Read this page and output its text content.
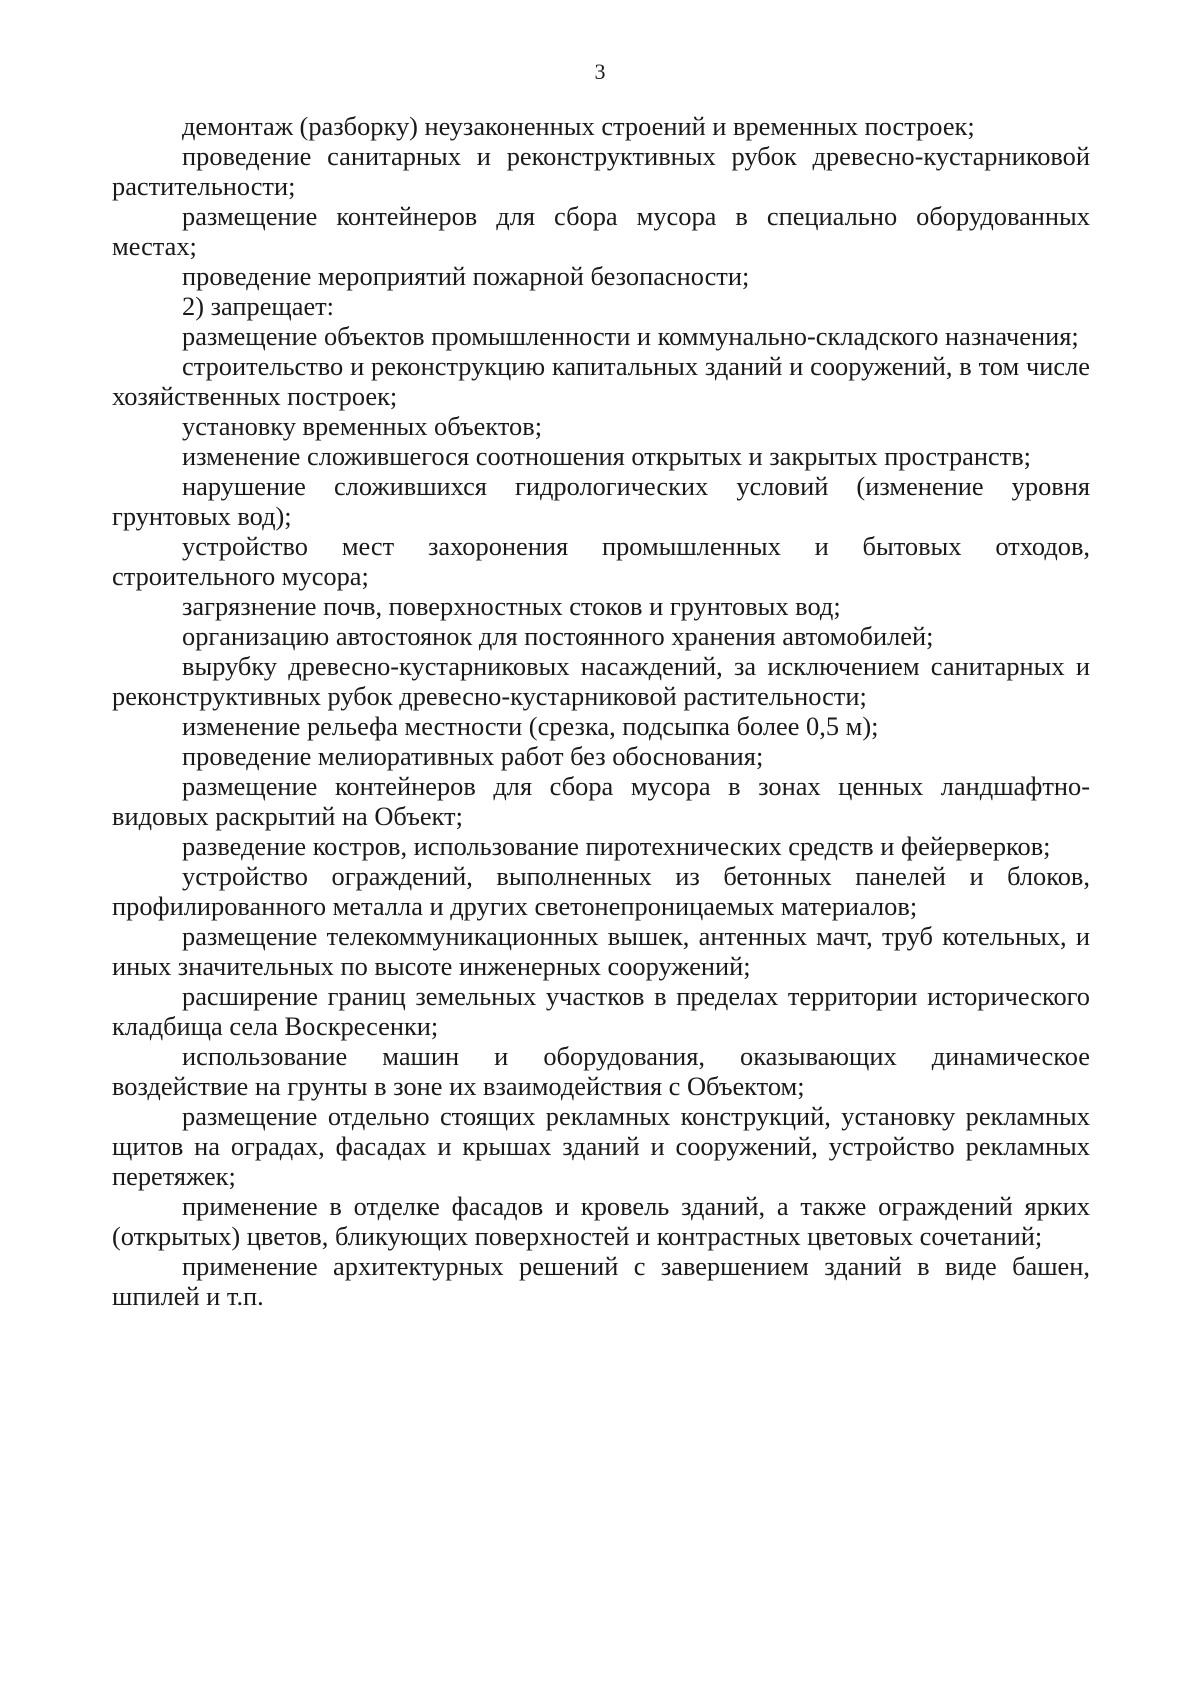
3

демонтаж (разборку) неузаконенных строений и временных построек;

проведение санитарных и реконструктивных рубок древесно-кустарниковой растительности;

размещение контейнеров для сбора мусора в специально оборудованных местах;

проведение мероприятий пожарной безопасности;

2) запрещает:

размещение объектов промышленности и коммунально-складского назначения;

строительство и реконструкцию капитальных зданий и сооружений, в том числе хозяйственных построек;

установку временных объектов;

изменение сложившегося соотношения открытых и закрытых пространств;

нарушение сложившихся гидрологических условий (изменение уровня грунтовых вод);

устройство мест захоронения промышленных и бытовых отходов, строительного мусора;

загрязнение почв, поверхностных стоков и грунтовых вод;

организацию автостоянок для постоянного хранения автомобилей;

вырубку древесно-кустарниковых насаждений, за исключением санитарных и реконструктивных рубок древесно-кустарниковой растительности;

изменение рельефа местности (срезка, подсыпка более 0,5 м);

проведение мелиоративных работ без обоснования;

размещение контейнеров для сбора мусора в зонах ценных ландшафтно-видовых раскрытий на Объект;

разведение костров, использование пиротехнических средств и фейерверков;

устройство ограждений, выполненных из бетонных панелей и блоков, профилированного металла и других светонепроницаемых материалов;

размещение телекоммуникационных вышек, антенных мачт, труб котельных, и иных значительных по высоте инженерных сооружений;

расширение границ земельных участков в пределах территории исторического кладбища села Воскресенки;

использование машин и оборудования, оказывающих динамическое воздействие на грунты в зоне их взаимодействия с Объектом;

размещение отдельно стоящих рекламных конструкций, установку рекламных щитов на оградах, фасадах и крышах зданий и сооружений, устройство рекламных перетяжек;

применение в отделке фасадов и кровель зданий, а также ограждений ярких (открытых) цветов, бликующих поверхностей и контрастных цветовых сочетаний;

применение архитектурных решений с завершением зданий в виде башен, шпилей и т.п.
